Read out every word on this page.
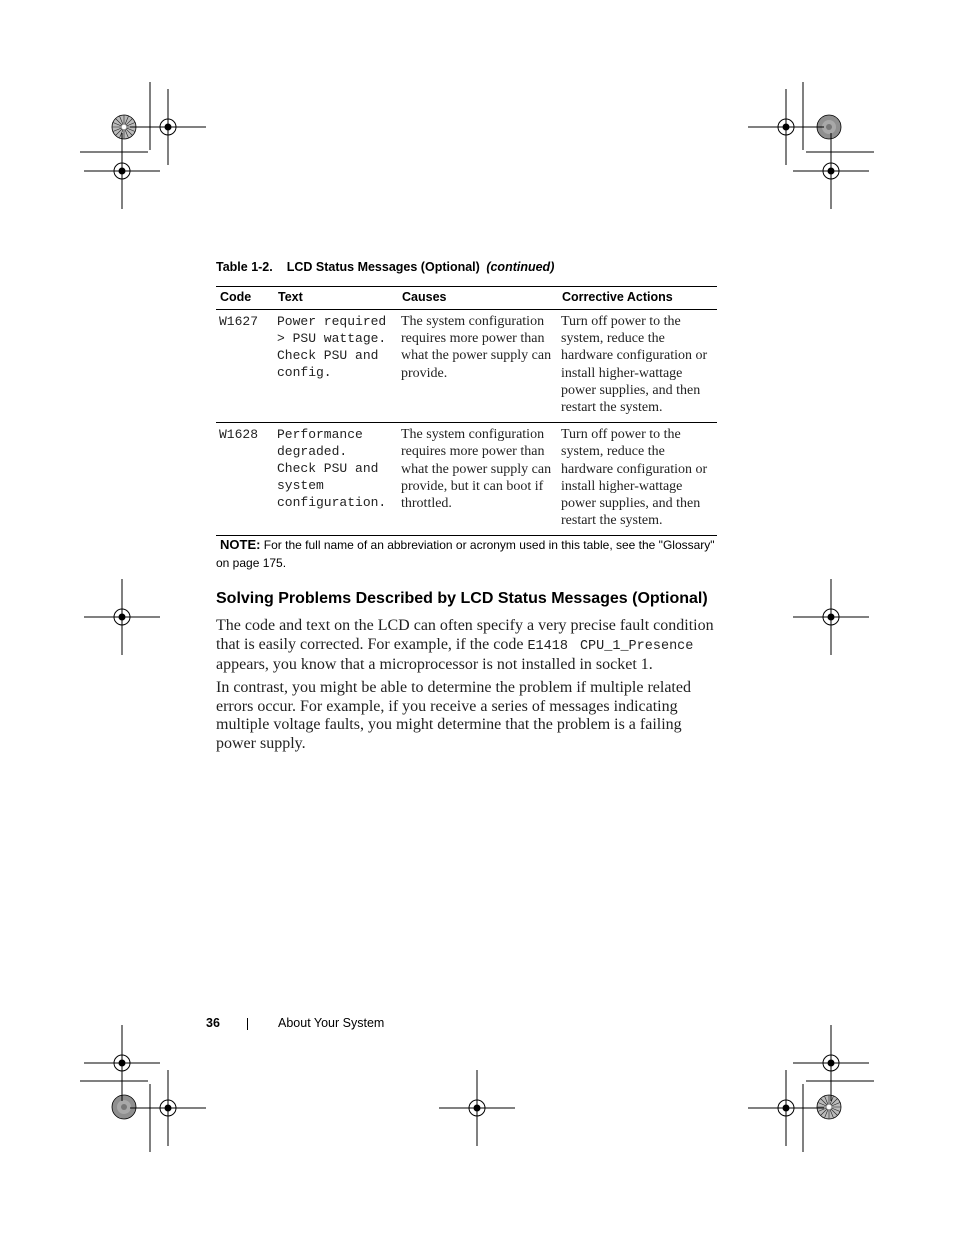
Table 1-2. LCD Status Messages (Optional) (continued)
Code	Text	Causes	Corrective Actions
W1627	Power required
> PSU wattage.
Check PSU and
config.	The system configuration requires more power than what the power supply can provide.	Turn off power to the system, reduce the hardware configuration or install higher-wattage power supplies, and then restart the system.
W1628	Performance
degraded.
Check PSU and
system
configuration.	The system configuration requires more power than what the power supply can provide, but it can boot if throttled.	Turn off power to the system, reduce the hardware configuration or install higher-wattage power supplies, and then restart the system.
NOTE: For the full name of an abbreviation or acronym used in this table, see the "Glossary" on page 175.
Solving Problems Described by LCD Status Messages (Optional)

The code and text on the LCD can often specify a very precise fault condition that is easily corrected. For example, if the code E1418 CPU_1_Presence appears, you know that a microprocessor is not installed in socket 1.

In contrast, you might be able to determine the problem if multiple related errors occur. For example, if you receive a series of messages indicating multiple voltage faults, you might determine that the problem is a failing power supply.

36	About Your System
